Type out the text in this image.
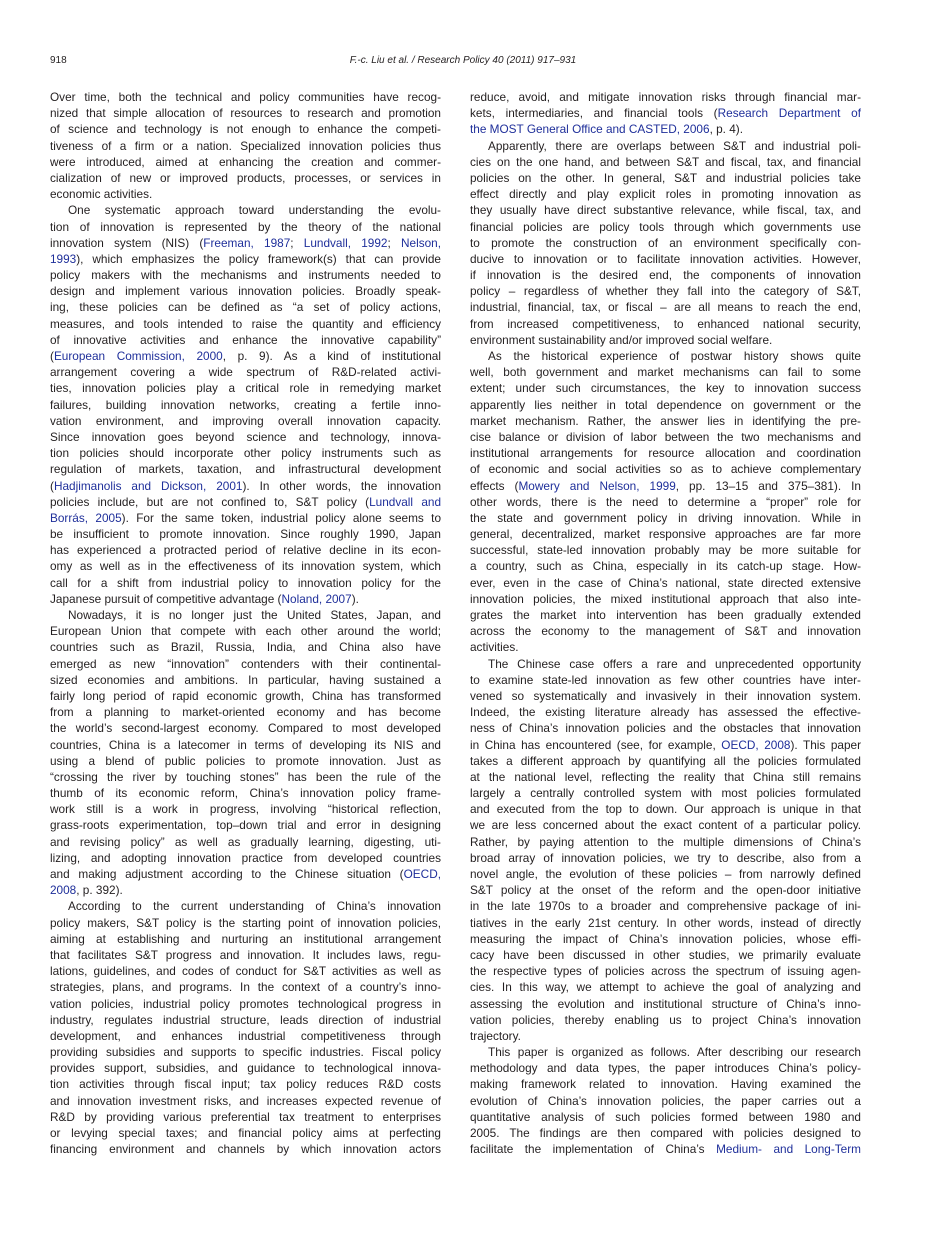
918	F.-c. Liu et al. / Research Policy 40 (2011) 917–931
Over time, both the technical and policy communities have recog-
nized that simple allocation of resources to research and promotion
of science and technology is not enough to enhance the competi-
tiveness of a firm or a nation. Specialized innovation policies thus
were introduced, aimed at enhancing the creation and commer-
cialization of new or improved products, processes, or services in
economic activities.
One systematic approach toward understanding the evolu-
tion of innovation is represented by the theory of the national
innovation system (NIS) (Freeman, 1987; Lundvall, 1992; Nelson,
1993), which emphasizes the policy framework(s) that can provide
policy makers with the mechanisms and instruments needed to
design and implement various innovation policies. Broadly speak-
ing, these policies can be defined as “a set of policy actions,
measures, and tools intended to raise the quantity and efficiency
of innovative activities and enhance the innovative capability”
(European Commission, 2000, p. 9). As a kind of institutional
arrangement covering a wide spectrum of R&D-related activi-
ties, innovation policies play a critical role in remedying market
failures, building innovation networks, creating a fertile inno-
vation environment, and improving overall innovation capacity.
Since innovation goes beyond science and technology, innova-
tion policies should incorporate other policy instruments such as
regulation of markets, taxation, and infrastructural development
(Hadjimanolis and Dickson, 2001). In other words, the innovation
policies include, but are not confined to, S&T policy (Lundvall and
Borrás, 2005). For the same token, industrial policy alone seems to
be insufficient to promote innovation. Since roughly 1990, Japan
has experienced a protracted period of relative decline in its econ-
omy as well as in the effectiveness of its innovation system, which
call for a shift from industrial policy to innovation policy for the
Japanese pursuit of competitive advantage (Noland, 2007).
Nowadays, it is no longer just the United States, Japan, and
European Union that compete with each other around the world;
countries such as Brazil, Russia, India, and China also have
emerged as new “innovation” contenders with their continental-
sized economies and ambitions. In particular, having sustained a
fairly long period of rapid economic growth, China has transformed
from a planning to market-oriented economy and has become
the world’s second-largest economy. Compared to most developed
countries, China is a latecomer in terms of developing its NIS and
using a blend of public policies to promote innovation. Just as
“crossing the river by touching stones” has been the rule of the
thumb of its economic reform, China’s innovation policy frame-
work still is a work in progress, involving “historical reflection,
grass-roots experimentation, top–down trial and error in designing
and revising policy” as well as gradually learning, digesting, uti-
lizing, and adopting innovation practice from developed countries
and making adjustment according to the Chinese situation (OECD,
2008, p. 392).
According to the current understanding of China’s innovation
policy makers, S&T policy is the starting point of innovation policies,
aiming at establishing and nurturing an institutional arrangement
that facilitates S&T progress and innovation. It includes laws, regu-
lations, guidelines, and codes of conduct for S&T activities as well as
strategies, plans, and programs. In the context of a country’s inno-
vation policies, industrial policy promotes technological progress in
industry, regulates industrial structure, leads direction of industrial
development, and enhances industrial competitiveness through
providing subsidies and supports to specific industries. Fiscal policy
provides support, subsidies, and guidance to technological innova-
tion activities through fiscal input; tax policy reduces R&D costs
and innovation investment risks, and increases expected revenue of
R&D by providing various preferential tax treatment to enterprises
or levying special taxes; and financial policy aims at perfecting
financing environment and channels by which innovation actors
reduce, avoid, and mitigate innovation risks through financial mar-
kets, intermediaries, and financial tools (Research Department of
the MOST General Office and CASTED, 2006, p. 4).
Apparently, there are overlaps between S&T and industrial poli-
cies on the one hand, and between S&T and fiscal, tax, and financial
policies on the other. In general, S&T and industrial policies take
effect directly and play explicit roles in promoting innovation as
they usually have direct substantive relevance, while fiscal, tax, and
financial policies are policy tools through which governments use
to promote the construction of an environment specifically con-
ducive to innovation or to facilitate innovation activities. However,
if innovation is the desired end, the components of innovation
policy – regardless of whether they fall into the category of S&T,
industrial, financial, tax, or fiscal – are all means to reach the end,
from increased competitiveness, to enhanced national security,
environment sustainability and/or improved social welfare.
As the historical experience of postwar history shows quite
well, both government and market mechanisms can fail to some
extent; under such circumstances, the key to innovation success
apparently lies neither in total dependence on government or the
market mechanism. Rather, the answer lies in identifying the pre-
cise balance or division of labor between the two mechanisms and
institutional arrangements for resource allocation and coordination
of economic and social activities so as to achieve complementary
effects (Mowery and Nelson, 1999, pp. 13–15 and 375–381). In
other words, there is the need to determine a “proper” role for
the state and government policy in driving innovation. While in
general, decentralized, market responsive approaches are far more
successful, state-led innovation probably may be more suitable for
a country, such as China, especially in its catch-up stage. How-
ever, even in the case of China’s national, state directed extensive
innovation policies, the mixed institutional approach that also inte-
grates the market into intervention has been gradually extended
across the economy to the management of S&T and innovation
activities.
The Chinese case offers a rare and unprecedented opportunity
to examine state-led innovation as few other countries have inter-
vened so systematically and invasively in their innovation system.
Indeed, the existing literature already has assessed the effective-
ness of China’s innovation policies and the obstacles that innovation
in China has encountered (see, for example, OECD, 2008). This paper
takes a different approach by quantifying all the policies formulated
at the national level, reflecting the reality that China still remains
largely a centrally controlled system with most policies formulated
and executed from the top to down. Our approach is unique in that
we are less concerned about the exact content of a particular policy.
Rather, by paying attention to the multiple dimensions of China’s
broad array of innovation policies, we try to describe, also from a
novel angle, the evolution of these policies – from narrowly defined
S&T policy at the onset of the reform and the open-door initiative
in the late 1970s to a broader and comprehensive package of ini-
tiatives in the early 21st century. In other words, instead of directly
measuring the impact of China’s innovation policies, whose effi-
cacy have been discussed in other studies, we primarily evaluate
the respective types of policies across the spectrum of issuing agen-
cies. In this way, we attempt to achieve the goal of analyzing and
assessing the evolution and institutional structure of China’s inno-
vation policies, thereby enabling us to project China’s innovation
trajectory.
This paper is organized as follows. After describing our research
methodology and data types, the paper introduces China’s policy-
making framework related to innovation. Having examined the
evolution of China’s innovation policies, the paper carries out a
quantitative analysis of such policies formed between 1980 and
2005. The findings are then compared with policies designed to
facilitate the implementation of China’s Medium- and Long-Term
